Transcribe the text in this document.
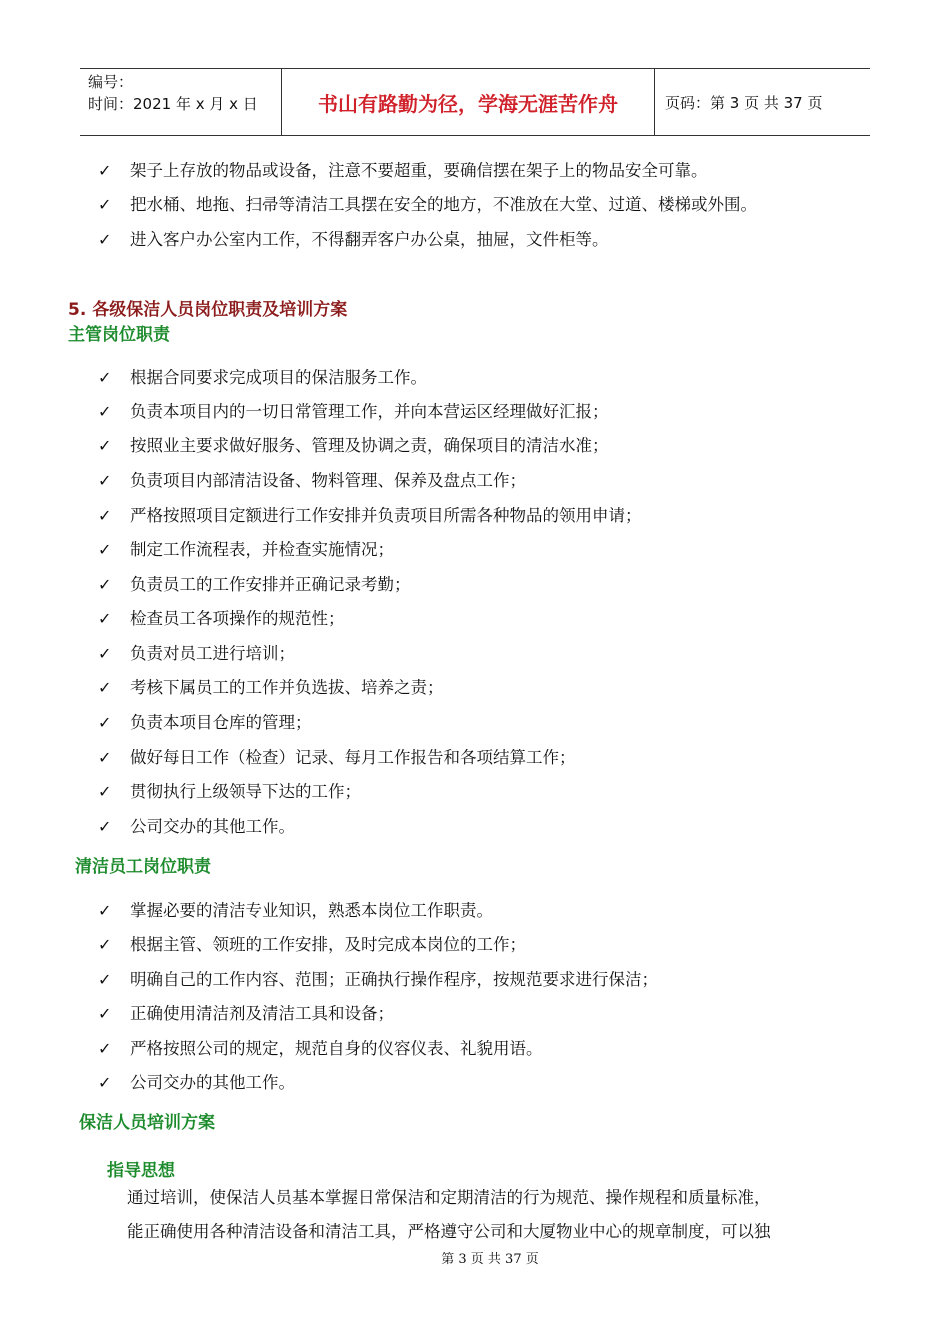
编号：
时间：2021 年 x 月 x 日	书山有路勤为径，学海无涯苦作舟	页码：第 3 页 共 37 页
✓ 架子上存放的物品或设备，注意不要超重，要确信摆在架子上的物品安全可靠。
✓ 把水桶、地拖、扫帚等清洁工具摆在安全的地方，不准放在大堂、过道、楼梯或外围。
✓ 进入客户办公室内工作，不得翻弄客户办公桌，抽屉，文件柜等。
5. 各级保洁人员岗位职责及培训方案
主管岗位职责
✓ 根据合同要求完成项目的保洁服务工作。
✓ 负责本项目内的一切日常管理工作，并向本营运区经理做好汇报；
✓ 按照业主要求做好服务、管理及协调之责，确保项目的清洁水准；
✓ 负责项目内部清洁设备、物料管理、保养及盘点工作；
✓ 严格按照项目定额进行工作安排并负责项目所需各种物品的领用申请；
✓ 制定工作流程表，并检查实施情况；
✓ 负责员工的工作安排并正确记录考勤；
✓ 检查员工各项操作的规范性；
✓ 负责对员工进行培训；
✓ 考核下属员工的工作并负选拔、培养之责；
✓ 负责本项目仓库的管理；
✓ 做好每日工作（检查）记录、每月工作报告和各项结算工作；
✓ 贯彻执行上级领导下达的工作；
✓ 公司交办的其他工作。
清洁员工岗位职责
✓ 掌握必要的清洁专业知识，熟悉本岗位工作职责。
✓ 根据主管、领班的工作安排，及时完成本岗位的工作；
✓ 明确自己的工作内容、范围；正确执行操作程序，按规范要求进行保洁；
✓ 正确使用清洁剂及清洁工具和设备；
✓ 严格按照公司的规定，规范自身的仪容仪表、礼貌用语。
✓ 公司交办的其他工作。
保洁人员培训方案
指导思想
通过培训，使保洁人员基本掌握日常保洁和定期清洁的行为规范、操作规程和质量标准，
能正确使用各种清洁设备和清洁工具，严格遵守公司和大厦物业中心的规章制度，可以独
第 3 页 共 37 页
